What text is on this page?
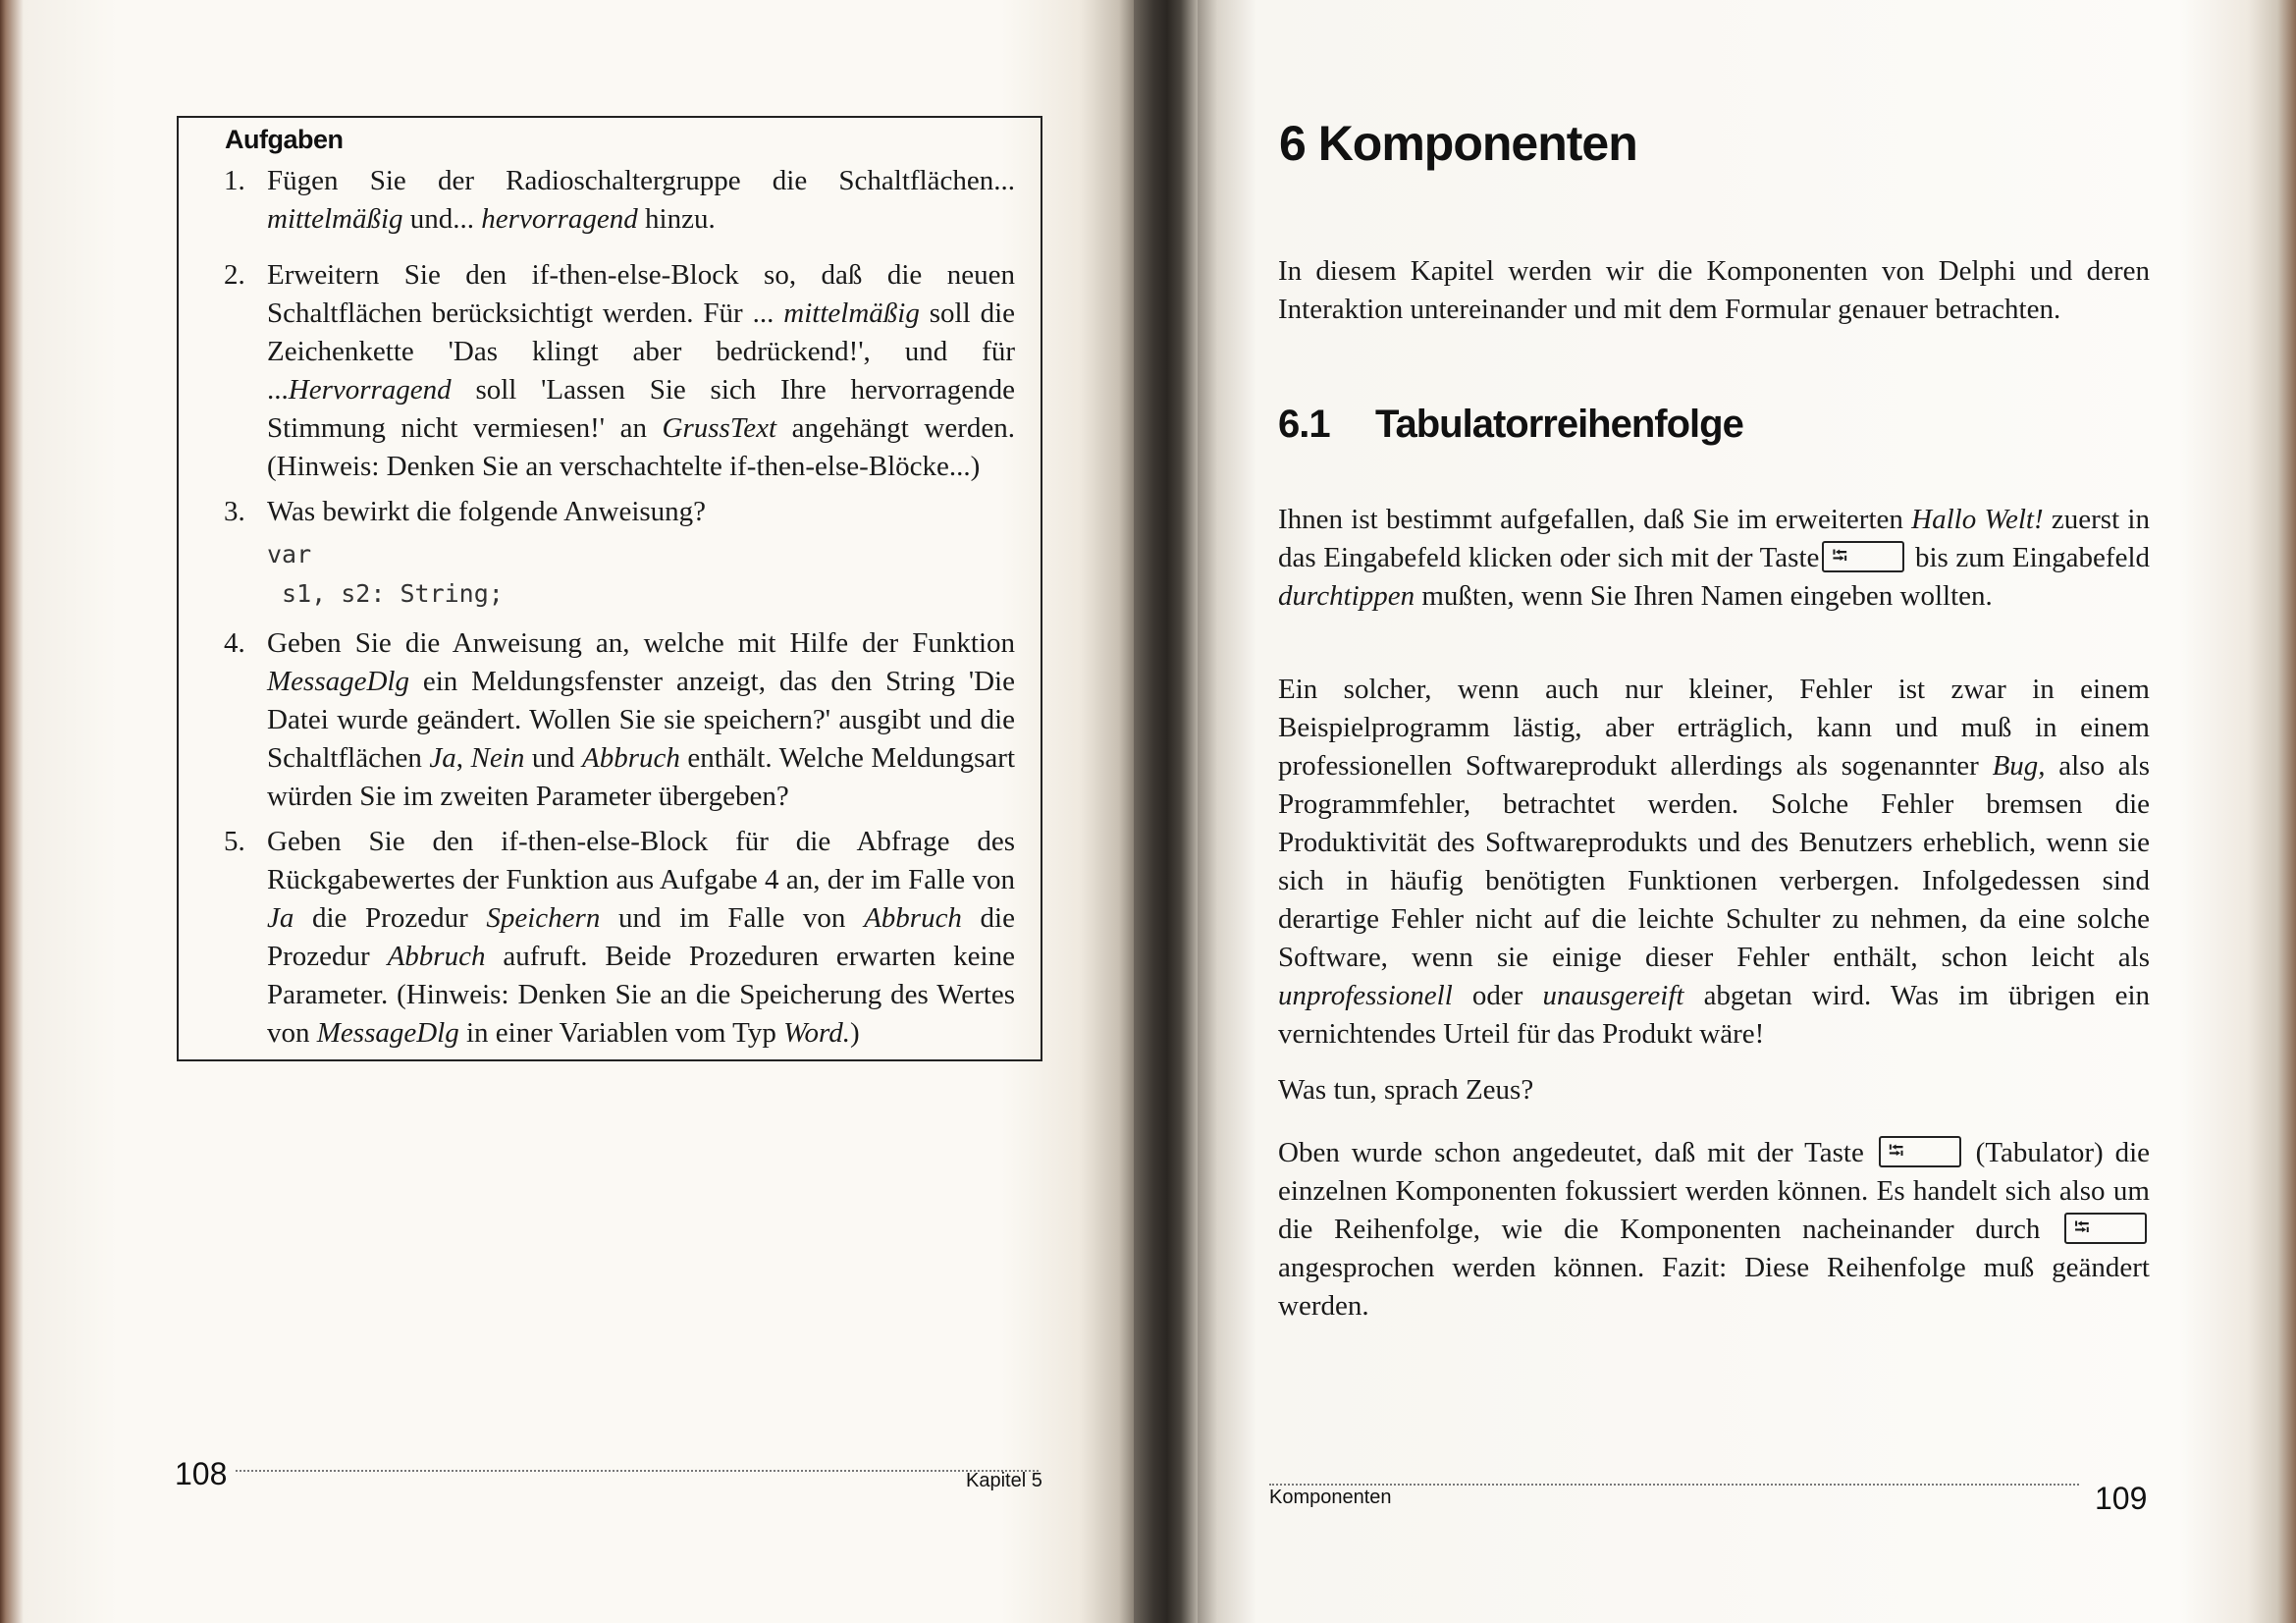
Aufgaben
1. Fügen Sie der Radioschaltergruppe die Schaltflächen... mittelmäßig und... hervorragend hinzu.
2. Erweitern Sie den if-then-else-Block so, daß die neuen Schaltflächen berücksichtigt werden. Für ... mittelmäßig soll die Zeichenkette 'Das klingt aber bedrückend!', und für ...Hervorragend soll 'Lassen Sie sich Ihre hervorragende Stimmung nicht vermiesen!' an GrussText angehängt werden. (Hinweis: Denken Sie an verschachtelte if-then-else-Blöcke...)
3. Was bewirkt die folgende Anweisung?
var
s1, s2: String;
4. Geben Sie die Anweisung an, welche mit Hilfe der Funktion MessageDlg ein Meldungsfenster anzeigt, das den String 'Die Datei wurde geändert. Wollen Sie sie speichern?' ausgibt und die Schaltflächen Ja, Nein und Abbruch enthält. Welche Meldungsart würden Sie im zweiten Parameter übergeben?
5. Geben Sie den if-then-else-Block für die Abfrage des Rückgabewertes der Funktion aus Aufgabe 4 an, der im Falle von Ja die Prozedur Speichern und im Falle von Abbruch die Prozedur Abbruch aufruft. Beide Prozeduren erwarten keine Parameter. (Hinweis: Denken Sie an die Speicherung des Wertes von MessageDlg in einer Variablen vom Typ Word.)
108	Kapitel 5
6 Komponenten
In diesem Kapitel werden wir die Komponenten von Delphi und deren Interaktion untereinander und mit dem Formular genauer betrachten.
6.1 Tabulatorreihenfolge
Ihnen ist bestimmt aufgefallen, daß Sie im erweiterten Hallo Welt! zuerst in das Eingabefeld klicken oder sich mit der Taste ⭾ bis zum Eingabefeld durchtippen mußten, wenn Sie Ihren Namen eingeben wollten.
Ein solcher, wenn auch nur kleiner, Fehler ist zwar in einem Beispielprogramm lästig, aber erträglich, kann und muß in einem professionellen Softwareprodukt allerdings als sogenannter Bug, also als Programmfehler, betrachtet werden. Solche Fehler bremsen die Produktivität des Softwareprodukts und des Benutzers erheblich, wenn sie sich in häufig benötigten Funktionen verbergen. Infolgedessen sind derartige Fehler nicht auf die leichte Schulter zu nehmen, da eine solche Software, wenn sie einige dieser Fehler enthält, schon leicht als unprofessionell oder unausgereift abgetan wird. Was im übrigen ein vernichtendes Urteil für das Produkt wäre!
Was tun, sprach Zeus?
Oben wurde schon angedeutet, daß mit der Taste ⭾ (Tabulator) die einzelnen Komponenten fokussiert werden können. Es handelt sich also um die Reihenfolge, wie die Komponenten nacheinander durch ⭾
angesprochen werden können. Fazit: Diese Reihenfolge muß geändert werden.
Komponenten	109
